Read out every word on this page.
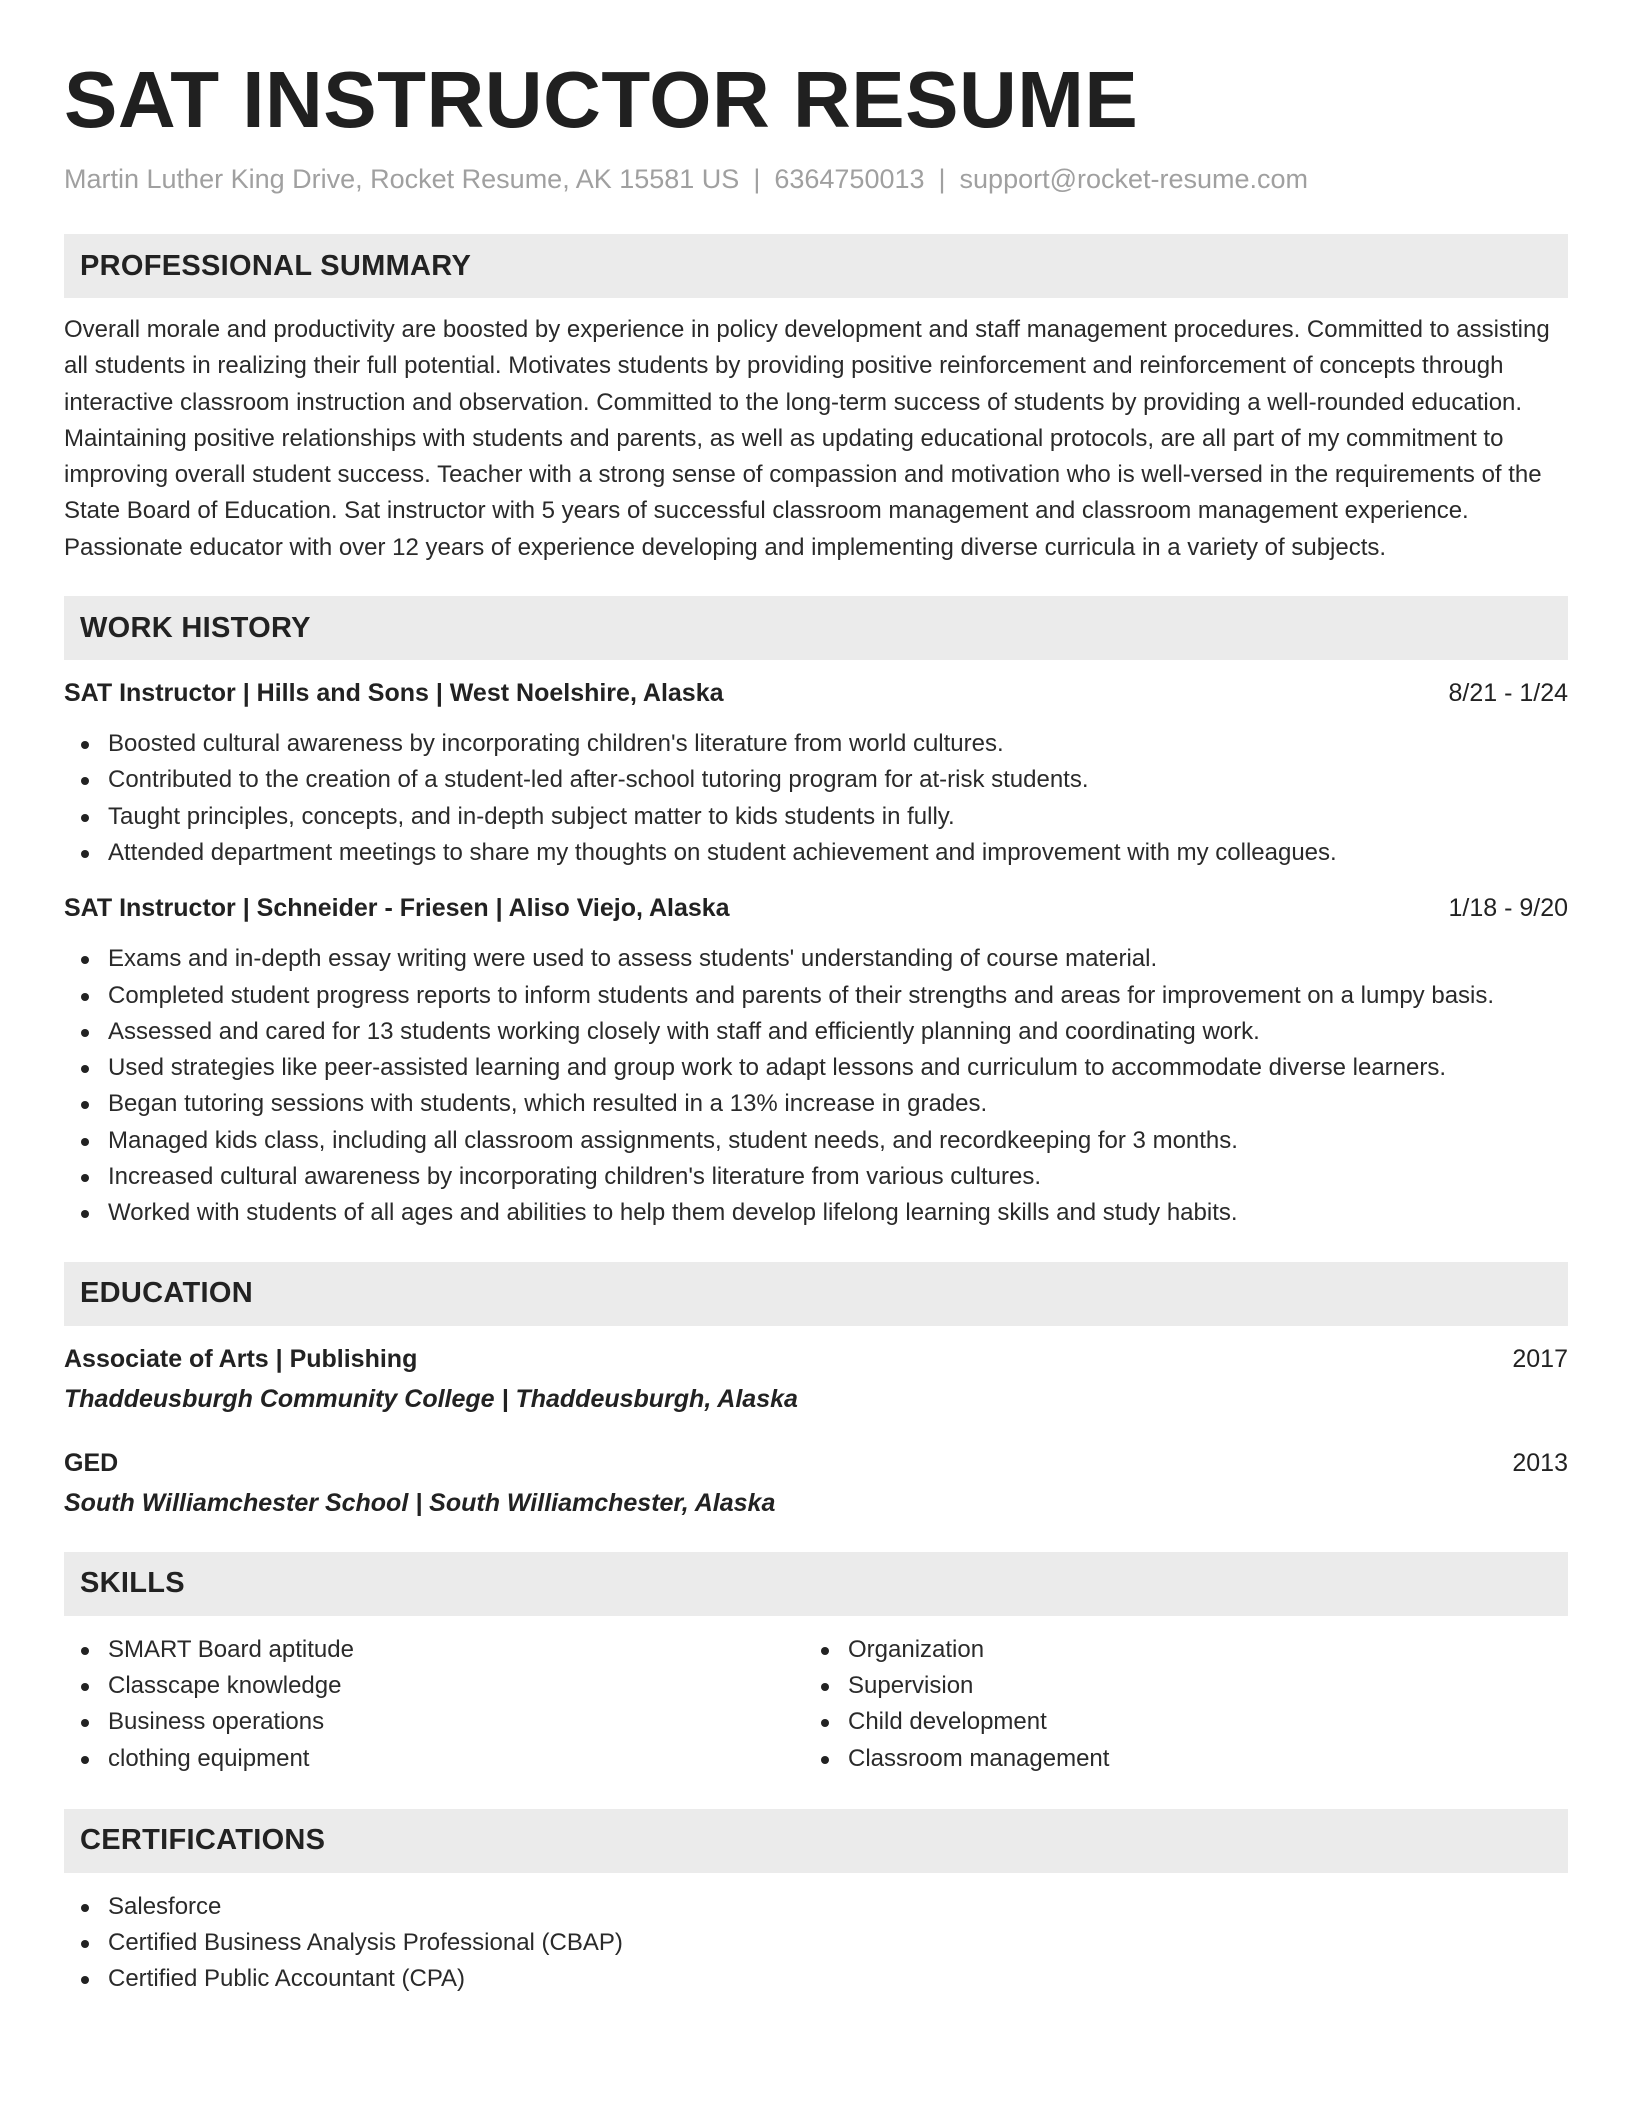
SAT INSTRUCTOR RESUME
Martin Luther King Drive, Rocket Resume, AK 15581 US | 6364750013 | support@rocket-resume.com
PROFESSIONAL SUMMARY

Overall morale and productivity are boosted by experience in policy development and staff management procedures. Committed to assisting all students in realizing their full potential. Motivates students by providing positive reinforcement and reinforcement of concepts through interactive classroom instruction and observation. Committed to the long-term success of students by providing a well-rounded education. Maintaining positive relationships with students and parents, as well as updating educational protocols, are all part of my commitment to improving overall student success. Teacher with a strong sense of compassion and motivation who is well-versed in the requirements of the State Board of Education. Sat instructor with 5 years of successful classroom management and classroom management experience. Passionate educator with over 12 years of experience developing and implementing diverse curricula in a variety of subjects.

WORK HISTORY
SAT Instructor | Hills and Sons | West Noelshire, Alaska	8/21 - 1/24
Boosted cultural awareness by incorporating children's literature from world cultures.
Contributed to the creation of a student-led after-school tutoring program for at-risk students.
Taught principles, concepts, and in-depth subject matter to kids students in fully.
Attended department meetings to share my thoughts on student achievement and improvement with my colleagues.
SAT Instructor | Schneider - Friesen | Aliso Viejo, Alaska	1/18 - 9/20
Exams and in-depth essay writing were used to assess students' understanding of course material.
Completed student progress reports to inform students and parents of their strengths and areas for improvement on a lumpy basis.
Assessed and cared for 13 students working closely with staff and efficiently planning and coordinating work.
Used strategies like peer-assisted learning and group work to adapt lessons and curriculum to accommodate diverse learners.
Began tutoring sessions with students, which resulted in a 13% increase in grades.
Managed kids class, including all classroom assignments, student needs, and recordkeeping for 3 months.
Increased cultural awareness by incorporating children's literature from various cultures.
Worked with students of all ages and abilities to help them develop lifelong learning skills and study habits.
EDUCATION
Associate of Arts | Publishing	2017
Thaddeusburgh Community College | Thaddeusburgh, Alaska
GED	2013
South Williamchester School | South Williamchester, Alaska
SKILLS
SMART Board aptitude
Classcape knowledge
Business operations
clothing equipment
Organization
Supervision
Child development
Classroom management
CERTIFICATIONS
Salesforce
Certified Business Analysis Professional (CBAP)
Certified Public Accountant (CPA)
